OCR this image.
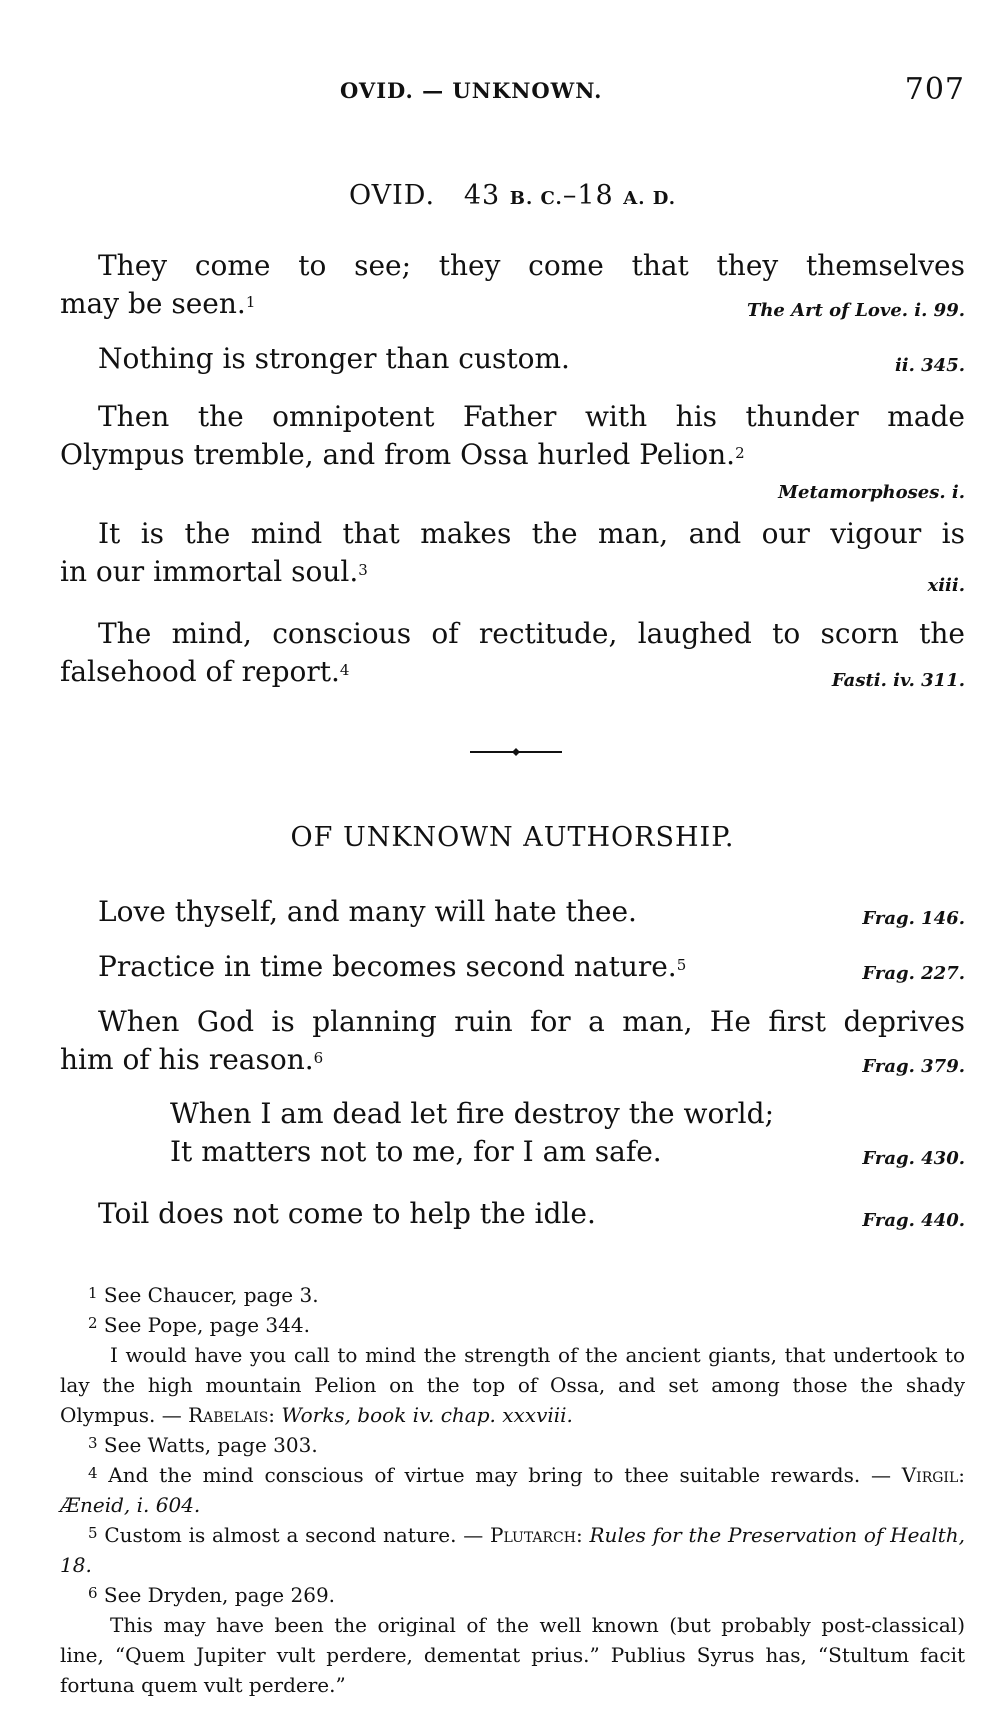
OVID. — UNKNOWN.	707
OVID. 43 B. C.–18 A. D.
They come to see; they come that they themselves
may be seen.$^1$	The Art of Love. i. 99.
Nothing is stronger than custom.	ii. 345.
Then the omnipotent Father with his thunder made
Olympus tremble, and from Ossa hurled Pelion.$^2$
Metamorphoses. i.
It is the mind that makes the man, and our vigour is
in our immortal soul.$^3$
xiii.
The mind, conscious of rectitude, laughed to scorn the
falsehood of report.$^4$	Fasti. iv. 311.
OF UNKNOWN AUTHORSHIP.
Love thyself, and many will hate thee.	Frag. 146.
Practice in time becomes second nature.$^5$	Frag. 227.
When God is planning ruin for a man, He first deprives
him of his reason.$^6$	Frag. 379.
When I am dead let fire destroy the world;
It matters not to me, for I am safe.	Frag. 430.
Toil does not come to help the idle.	Frag. 440.
$^1$ See Chaucer, page 3.
$^2$ See Pope, page 344.
I would have you call to mind the strength of the ancient giants, that undertook to lay the high mountain Pelion on the top of Ossa, and set among those the shady Olympus. — Rabelais: Works, book iv. chap. xxxviii.
$^3$ See Watts, page 303.
$^4$ And the mind conscious of virtue may bring to thee suitable rewards. — Virgil: Æneid, i. 604.
$^5$ Custom is almost a second nature. — Plutarch: Rules for the Preservation of Health, 18.
$^6$ See Dryden, page 269.
This may have been the original of the well known (but probably post-classical) line, “Quem Jupiter vult perdere, dementat prius.” Publius Syrus has, “Stultum facit fortuna quem vult perdere.”
